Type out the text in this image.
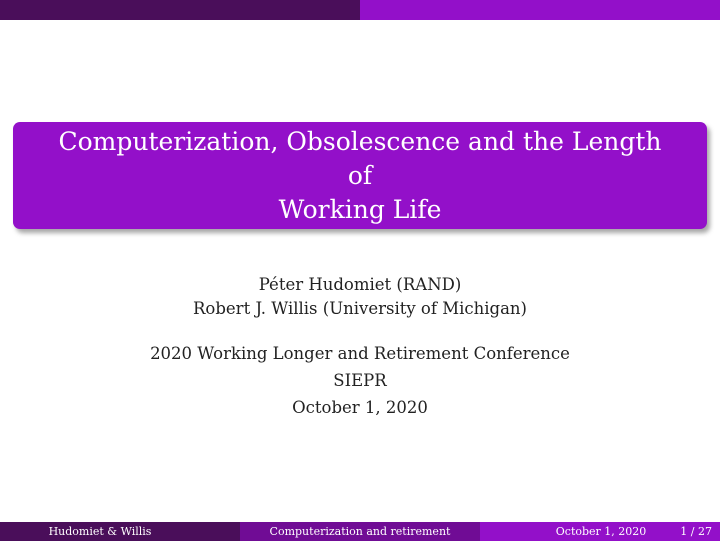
Computerization, Obsolescence and the Length of
Working Life
Péter Hudomiet (RAND)
Robert J. Willis (University of Michigan)
2020 Working Longer and Retirement Conference
SIEPR
October 1, 2020
Hudomiet & Willis	Computerization and retirement	October 1, 2020	1 / 27
